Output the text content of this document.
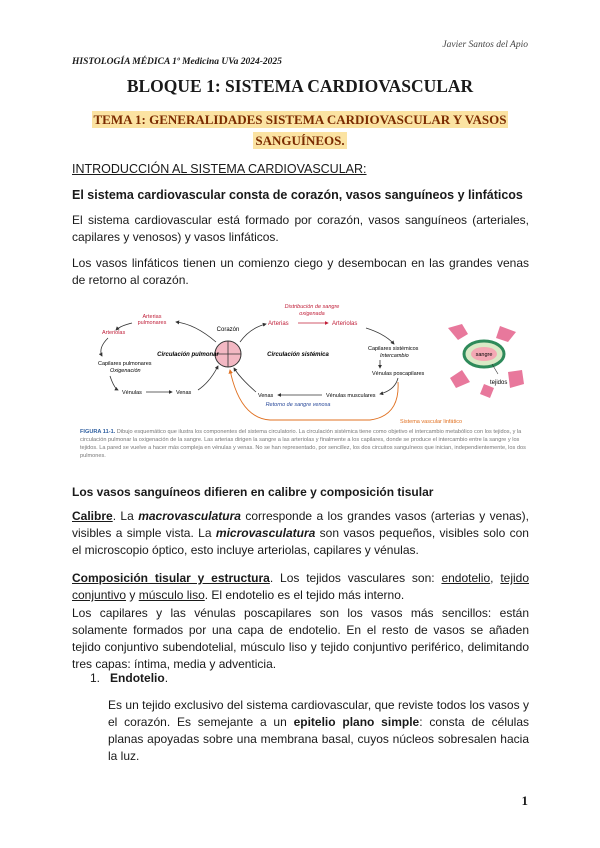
Javier Santos del Apio
HISTOLOGÍA MÉDICA 1º Medicina UVa 2024-2025
BLOQUE 1: SISTEMA CARDIOVASCULAR
TEMA 1: GENERALIDADES SISTEMA CARDIOVASCULAR Y VASOS
SANGUÍNEOS.
INTRODUCCIÓN AL SISTEMA CARDIOVASCULAR:
El sistema cardiovascular consta de corazón, vasos sanguíneos y linfáticos
El sistema cardiovascular está formado por corazón, vasos sanguíneos (arteriales, capilares y venosos) y vasos linfáticos.
Los vasos linfáticos tienen un comienzo ciego y desembocan en las grandes venas de retorno al corazón.
Corazón
Arterias	Arteriolas
Distribución de sangre
oxigenada
Arterias
pulmonares
Arteriolas
Capilares pulmonares
Oxigenación
Circulación pulmonar
Vénulas	Venas
Circulación sistémica
Capilares sistémicos
Intercambio
Vénulas poscapilares
Vénulas musculares
Venas
Retorno de sangre venosa
Sistema vascular linfático
sangre
tejidos
FIGURA 11-1. Dibujo esquemático que ilustra los componentes del sistema circulatorio. La circulación sistémica tiene como objetivo el intercambio metabólico con los tejidos, y la circulación pulmonar la oxigenación de la sangre. Las arterias dirigen la sangre a las arteriolas y finalmente a los capilares, donde se produce el intercambio entre la sangre y los tejidos. La pared se vuelve a hacer más compleja en vénulas y venas. No se han representado, por sencillez, los dos circuitos sanguíneos que inician, independientemente, los dos pulmones.
Los vasos sanguíneos difieren en calibre y composición tisular
Calibre. La macrovasculatura corresponde a los grandes vasos (arterias y venas), visibles a simple vista. La microvasculatura son vasos pequeños, visibles solo con el microscopio óptico, esto incluye arteriolas, capilares y vénulas.
Composición tisular y estructura. Los tejidos vasculares son: endotelio, tejido conjuntivo y músculo liso. El endotelio es el tejido más interno.
Los capilares y las vénulas poscapilares son los vasos más sencillos: están solamente formados por una capa de endotelio. En el resto de vasos se añaden tejido conjuntivo subendotelial, músculo liso y tejido conjuntivo periférico, delimitando tres capas: íntima, media y adventicia.
1. Endotelio.
Es un tejido exclusivo del sistema cardiovascular, que reviste todos los vasos y el corazón. Es semejante a un epitelio plano simple: consta de células planas apoyadas sobre una membrana basal, cuyos núcleos sobresalen hacia la luz.
1
